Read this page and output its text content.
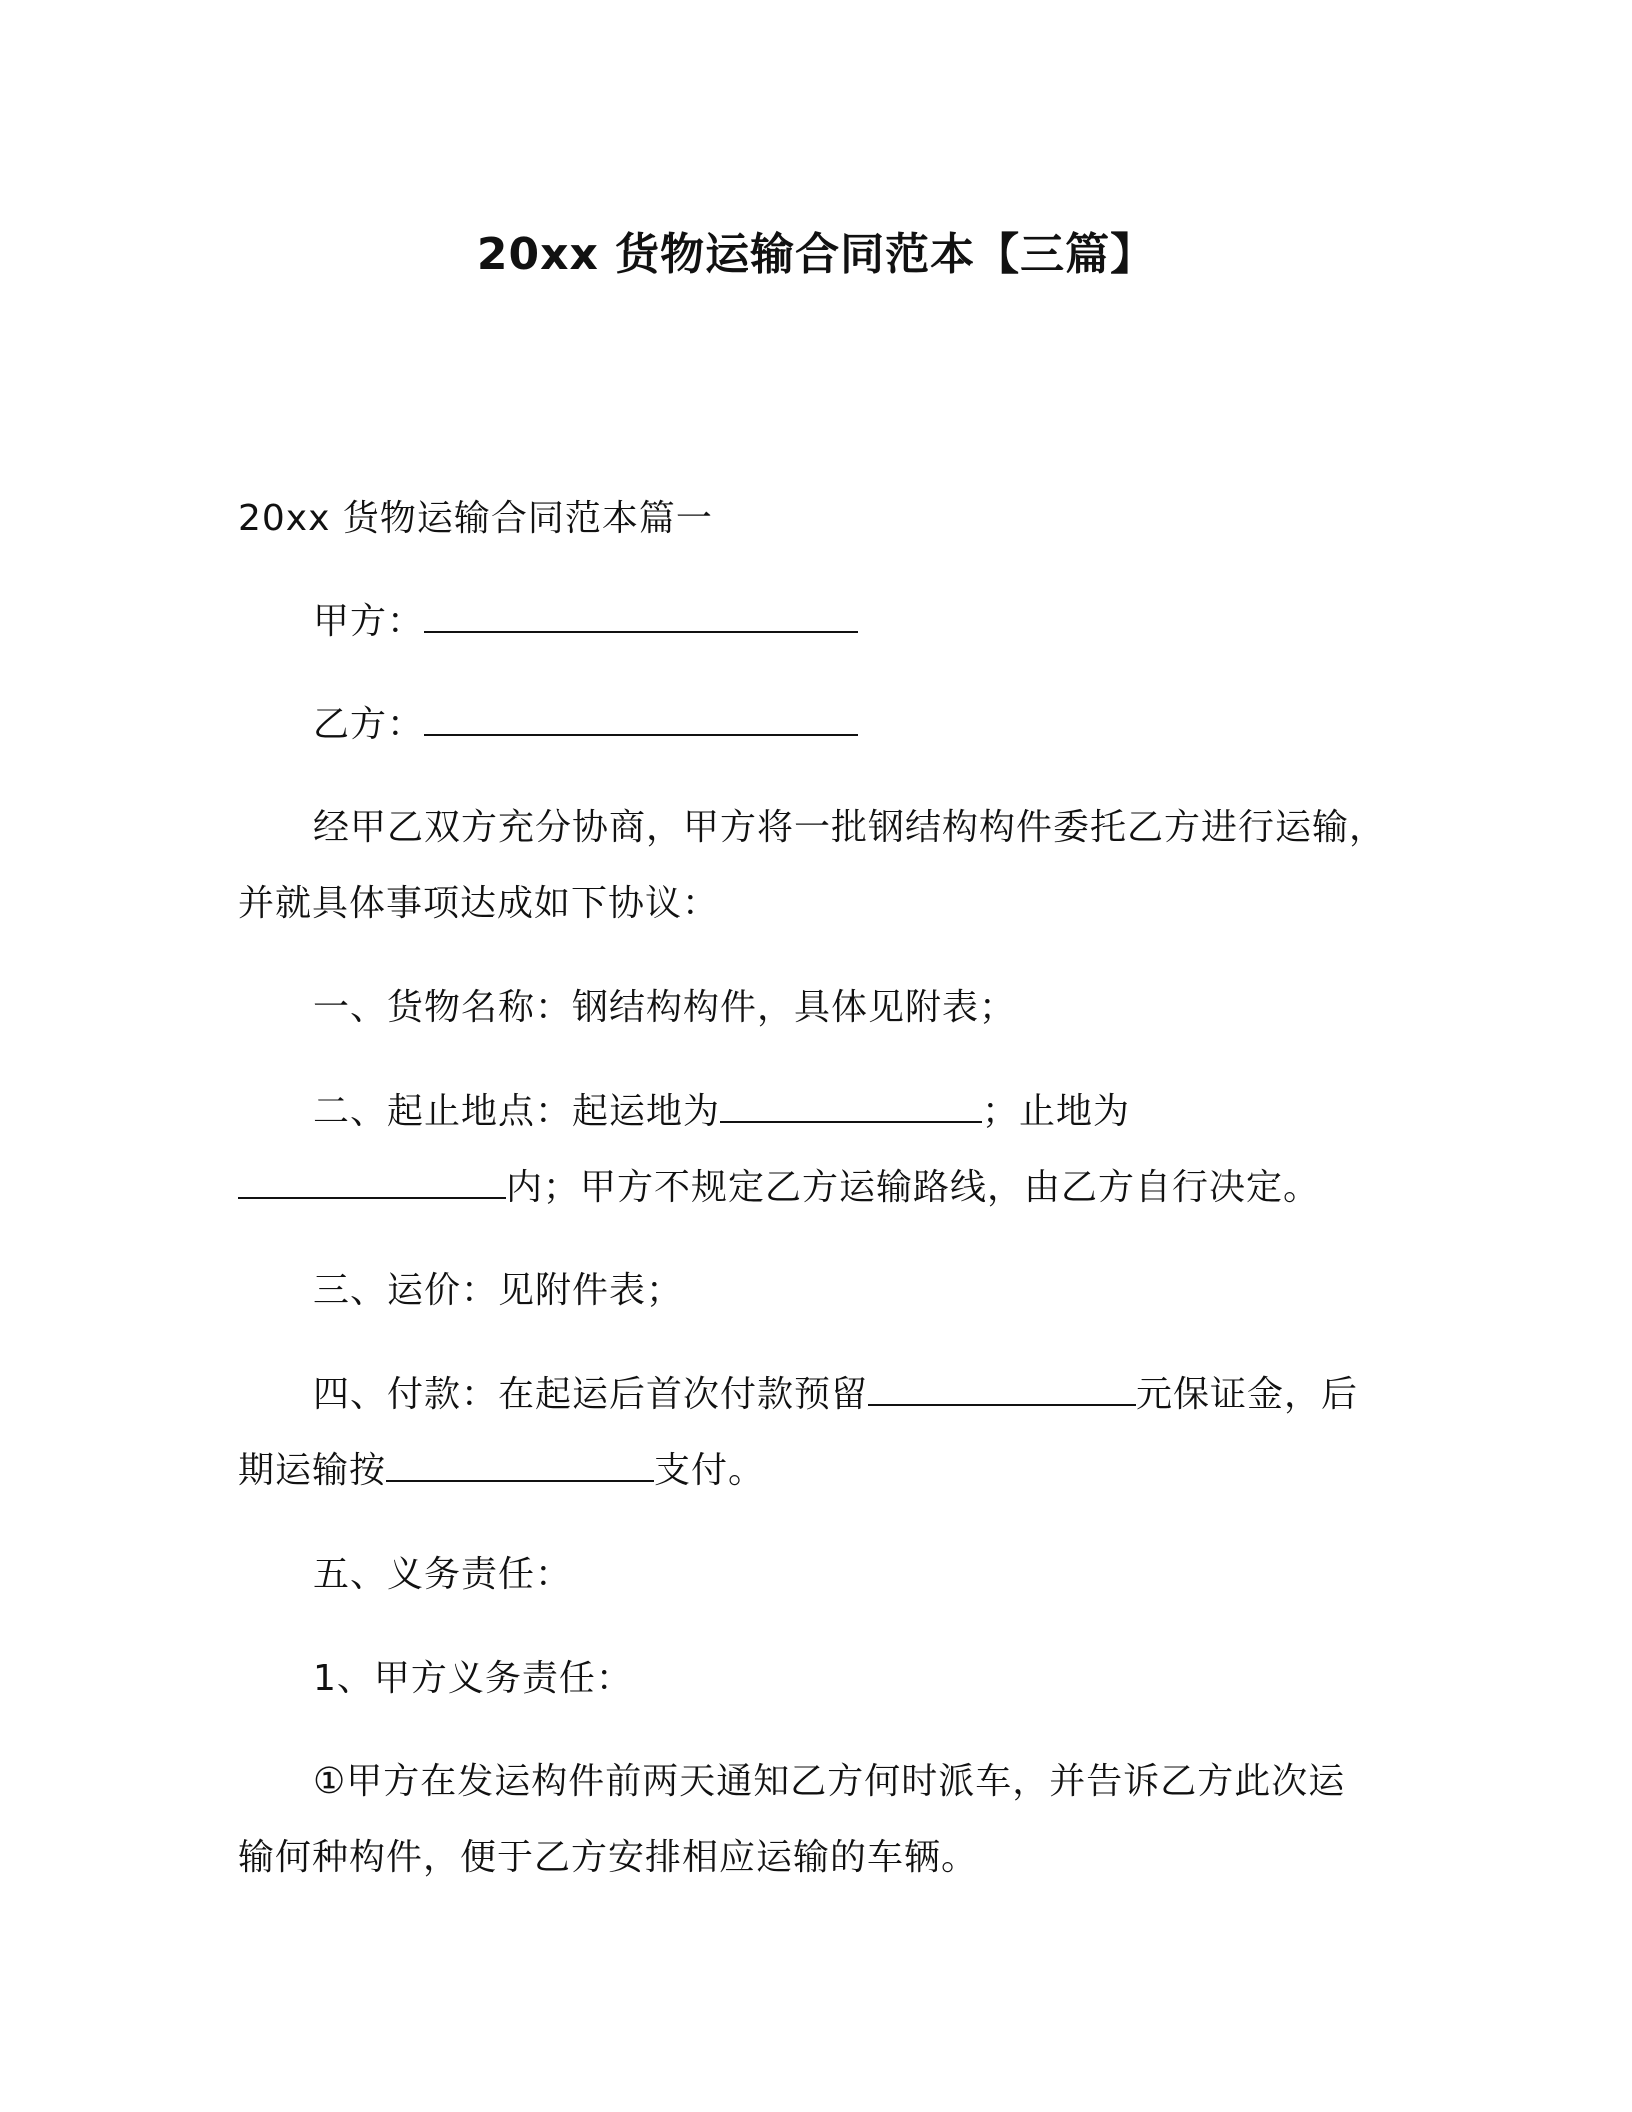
20xx 货物运输合同范本【三篇】
20xx 货物运输合同范本篇一
甲方：
乙方：
经甲乙双方充分协商，甲方将一批钢结构构件委托乙方进行运输，
并就具体事项达成如下协议：
一、货物名称：钢结构构件，具体见附表；
二、起止地点：起运地为	；止地为
内；甲方不规定乙方运输路线，由乙方自行决定。
三、运价：见附件表；
四、付款：在起运后首次付款预留	元保证金，后
期运输按	支付。
五、义务责任：
1、甲方义务责任：
①甲方在发运构件前两天通知乙方何时派车，并告诉乙方此次运
输何种构件，便于乙方安排相应运输的车辆。
